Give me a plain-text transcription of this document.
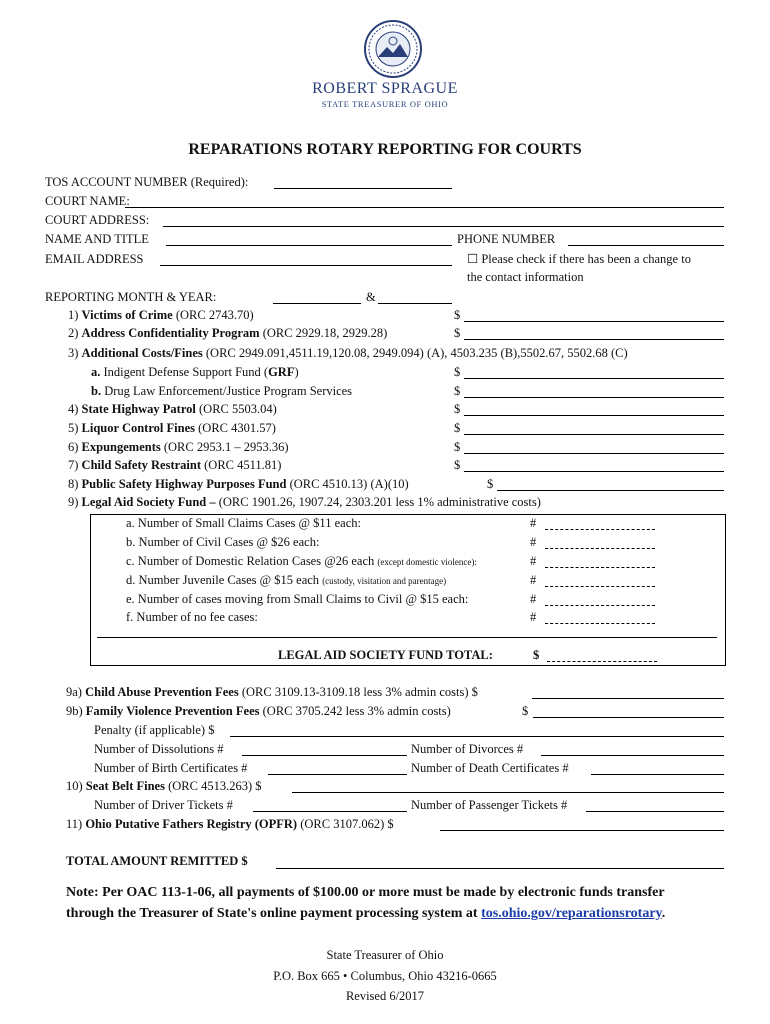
ROBERT SPRAGUE
STATE TREASURER OF OHIO
REPARATIONS ROTARY REPORTING FOR COURTS
TOS ACCOUNT NUMBER (Required):
COURT NAME:
COURT ADDRESS:
NAME AND TITLE	PHONE NUMBER
EMAIL ADDRESS	☐ Please check if there has been a change to
the contact information
REPORTING MONTH & YEAR:	&
1) Victims of Crime (ORC 2743.70)	$
2) Address Confidentiality Program (ORC 2929.18, 2929.28)	$
3) Additional Costs/Fines (ORC 2949.091,4511.19,120.08, 2949.094) (A), 4503.235 (B),5502.67, 5502.68 (C)
a. Indigent Defense Support Fund (GRF)	$
b. Drug Law Enforcement/Justice Program Services	$
4) State Highway Patrol (ORC 5503.04)	$
5) Liquor Control Fines (ORC 4301.57)	$
6) Expungements (ORC 2953.1 – 2953.36)	$
7) Child Safety Restraint (ORC 4511.81)	$
8) Public Safety Highway Purposes Fund (ORC 4510.13) (A)(10)	$
9) Legal Aid Society Fund – (ORC 1901.26, 1907.24, 2303.201 less 1% administrative costs)
a. Number of Small Claims Cases @ $11 each:	#
b. Number of Civil Cases @ $26 each:	#
c. Number of Domestic Relation Cases @26 each (except domestic violence):	#
d. Number Juvenile Cases @ $15 each (custody, visitation and parentage)	#
e. Number of cases moving from Small Claims to Civil @ $15 each:	#
f. Number of no fee cases:	#
LEGAL AID SOCIETY FUND TOTAL:	$
9a) Child Abuse Prevention Fees (ORC 3109.13-3109.18 less 3% admin costs) $
9b) Family Violence Prevention Fees (ORC 3705.242 less 3% admin costs)	$
Penalty (if applicable) $
Number of Dissolutions #	Number of Divorces #
Number of Birth Certificates #	Number of Death Certificates #
10) Seat Belt Fines (ORC 4513.263) $
Number of Driver Tickets #	Number of Passenger Tickets #
11) Ohio Putative Fathers Registry (OPFR) (ORC 3107.062) $
TOTAL AMOUNT REMITTED $
Note: Per OAC 113-1-06, all payments of $100.00 or more must be made by electronic funds transfer
through the Treasurer of State's online payment processing system at tos.ohio.gov/reparationsrotary.
State Treasurer of Ohio
P.O. Box 665 • Columbus, Ohio 43216-0665
Revised 6/2017
